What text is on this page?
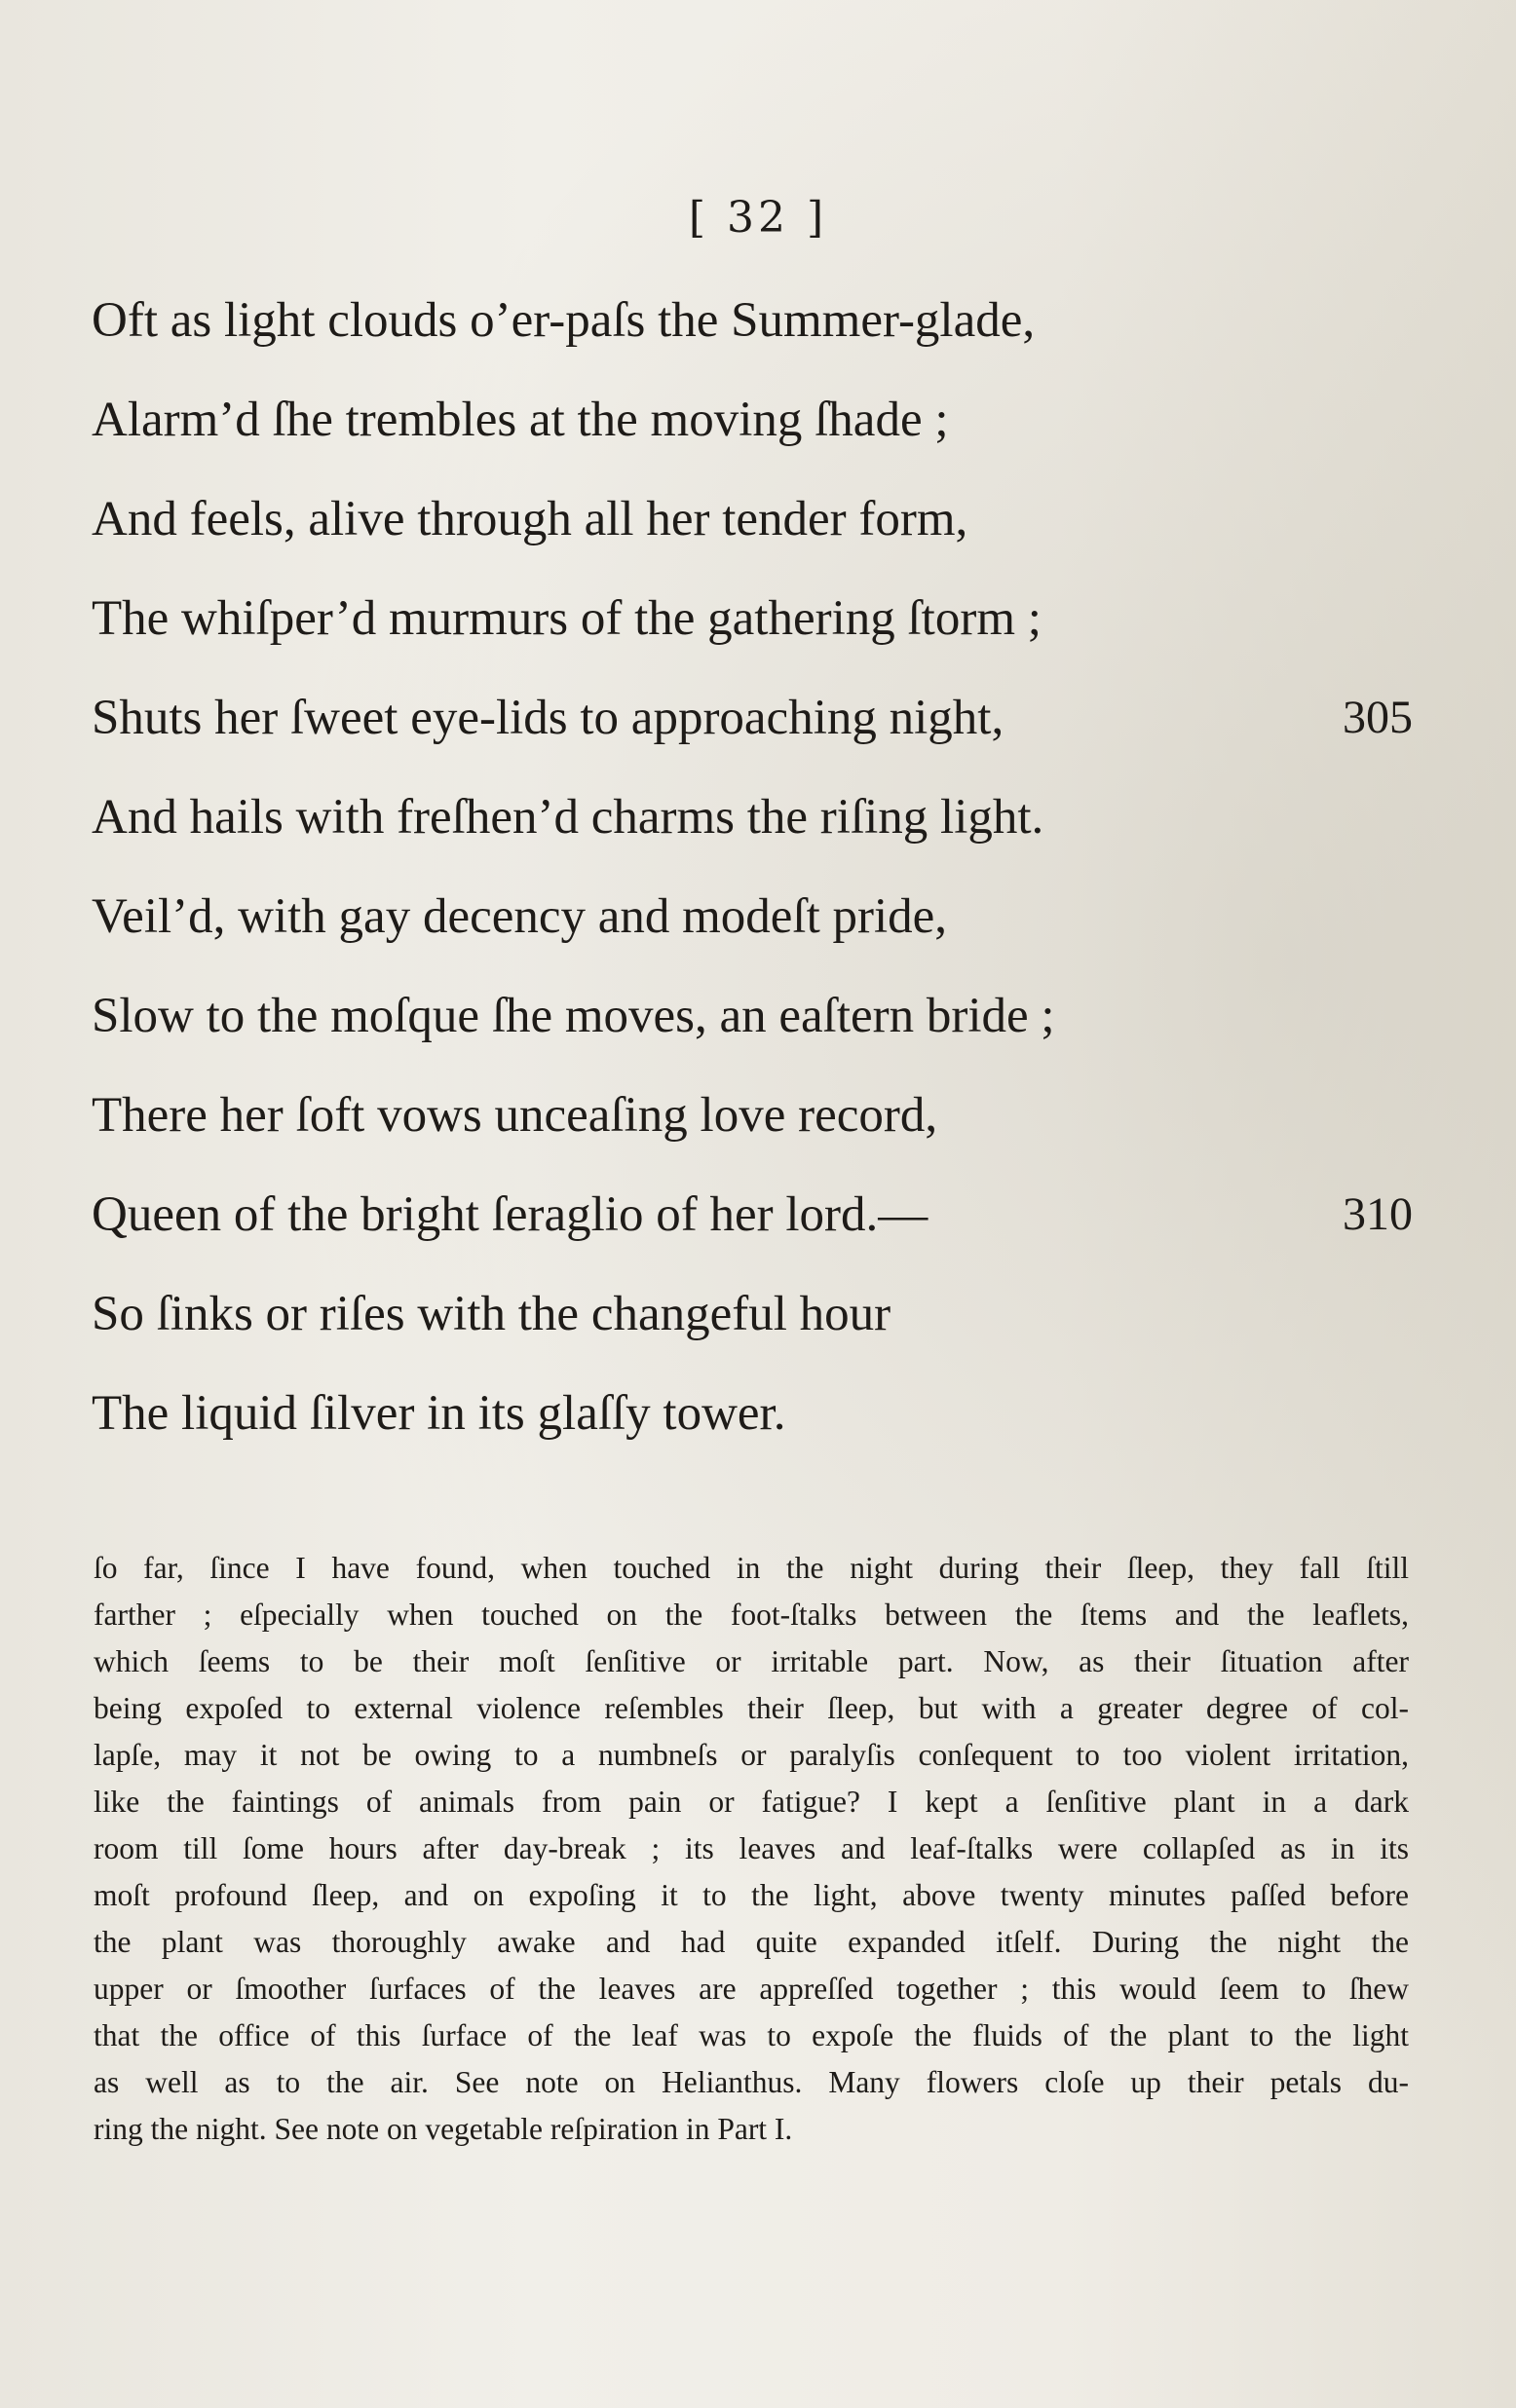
[ 32 ]
Oft as light clouds o’er-paſs the Summer-glade,
Alarm’d ſhe trembles at the moving ſhade ;
And feels, alive through all her tender form,
The whiſper’d murmurs of the gathering ſtorm ;
Shuts her ſweet eye-lids to approaching night,	305
And hails with freſhen’d charms the riſing light.
Veil’d, with gay decency and modeſt pride,
Slow to the moſque ſhe moves, an eaſtern bride ;
There her ſoft vows unceaſing love record,
Queen of the bright ſeraglio of her lord.—	310
So ſinks or riſes with the changeful hour
The liquid ſilver in its glaſſy tower.
ſo far, ſince I have found, when touched in the night during their ſleep, they fall ſtill
farther ; eſpecially when touched on the foot-ſtalks between the ſtems and the leaflets,
which ſeems to be their moſt ſenſitive or irritable part. Now, as their ſituation after
being expoſed to external violence reſembles their ſleep, but with a greater degree of col-
lapſe, may it not be owing to a numbneſs or paralyſis conſequent to too violent irritation,
like the faintings of animals from pain or fatigue? I kept a ſenſitive plant in a dark
room till ſome hours after day-break ; its leaves and leaf-ſtalks were collapſed as in its
moſt profound ſleep, and on expoſing it to the light, above twenty minutes paſſed before
the plant was thoroughly awake and had quite expanded itſelf. During the night the
upper or ſmoother ſurfaces of the leaves are appreſſed together ; this would ſeem to ſhew
that the office of this ſurface of the leaf was to expoſe the fluids of the plant to the light
as well as to the air. See note on Helianthus. Many flowers cloſe up their petals du-
ring the night. See note on vegetable reſpiration in Part I.
